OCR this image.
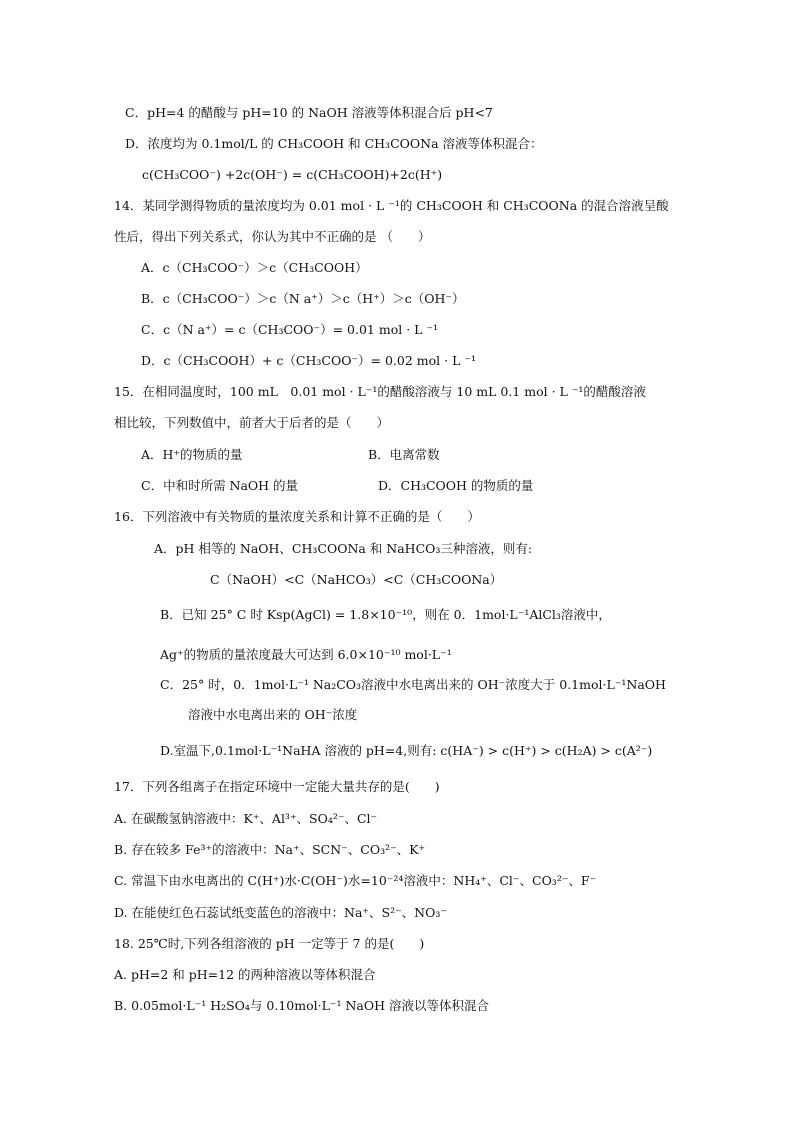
C．pH=4 的醋酸与 pH=10 的 NaOH 溶液等体积混合后 pH<7
D．浓度均为 0.1mol/L 的 CH₃COOH 和 CH₃COONa 溶液等体积混合：
c(CH₃COO⁻) +2c(OH⁻) = c(CH₃COOH)+2c(H⁺)
14．某同学测得物质的量浓度均为 0.01 mol · L ⁻¹的 CH₃COOH 和 CH₃COONa 的混合溶液呈酸
性后，得出下列关系式，你认为其中不正确的是 （　　）
A．c（CH₃COO⁻）＞c（CH₃COOH）
B．c（CH₃COO⁻）＞c（N a⁺）＞c（H⁺）＞c（OH⁻）
C．c（N a⁺）= c（CH₃COO⁻）= 0.01 mol · L ⁻¹
D．c（CH₃COOH）+ c（CH₃COO⁻）= 0.02 mol · L ⁻¹
15．在相同温度时，100 mL　0.01 mol · L⁻¹的醋酸溶液与 10 mL 0.1 mol · L ⁻¹的醋酸溶液
相比较，下列数值中，前者大于后者的是（　　）
A．H⁺的物质的量	B．电离常数
C．中和时所需 NaOH 的量	D．CH₃COOH 的物质的量
16．下列溶液中有关物质的量浓度关系和计算不正确的是（　　）
A．pH 相等的 NaOH、CH₃COONa 和 NaHCO₃三种溶液，则有:
C（NaOH）<C（NaHCO₃）<C（CH₃COONa）
B．已知 25° C 时 Ksp(AgCl) = 1.8×10⁻¹⁰，则在 0．1mol·L⁻¹AlCl₃溶液中，
Ag⁺的物质的量浓度最大可达到 6.0×10⁻¹⁰ mol·L⁻¹
C．25° 时，0．1mol·L⁻¹ Na₂CO₃溶液中水电离出来的 OH⁻浓度大于 0.1mol·L⁻¹NaOH
溶液中水电离出来的 OH⁻浓度
D.室温下,0.1mol·L⁻¹NaHA 溶液的 pH=4,则有: c(HA⁻) > c(H⁺) > c(H₂A) > c(A²⁻)
17．下列各组离子在指定环境中一定能大量共存的是(　　)
A. 在碳酸氢钠溶液中：K⁺、Al³⁺、SO₄²⁻、Cl⁻
B. 存在较多 Fe³⁺的溶液中：Na⁺、SCN⁻、CO₃²⁻、K⁺
C. 常温下由水电离出的 C(H⁺)水·C(OH⁻)水=10⁻²⁴溶液中：NH₄⁺、Cl⁻、CO₃²⁻、F⁻
D. 在能使红色石蕊试纸变蓝色的溶液中：Na⁺、S²⁻、NO₃⁻
18. 25℃时,下列各组溶液的 pH 一定等于 7 的是(　　)
A. pH=2 和 pH=12 的两种溶液以等体积混合
B. 0.05mol·L⁻¹ H₂SO₄与 0.10mol·L⁻¹ NaOH 溶液以等体积混合
